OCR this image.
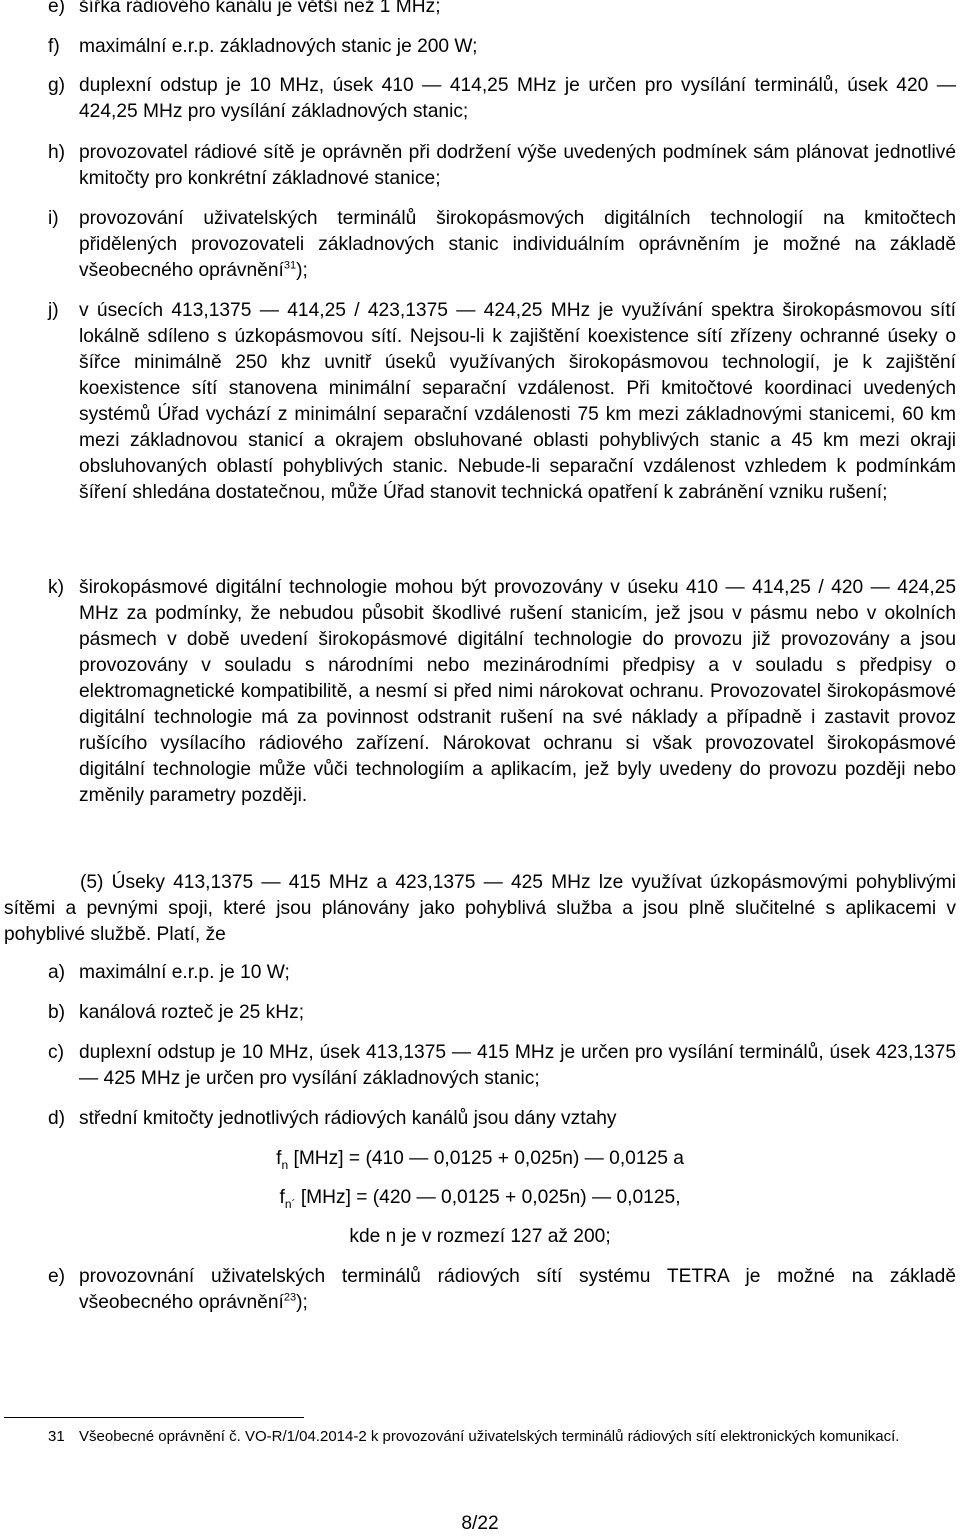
e) šířka rádiového kanálu je větší než 1 MHz;
f) maximální e.r.p. základnových stanic je 200 W;
g) duplexní odstup je 10 MHz, úsek 410 — 414,25 MHz je určen pro vysílání terminálů, úsek 420 — 424,25 MHz pro vysílání základnových stanic;
h) provozovatel rádiové sítě je oprávněn při dodržení výše uvedených podmínek sám plánovat jednotlivé kmitočty pro konkrétní základnové stanice;
i) provozování uživatelských terminálů širokopásmových digitálních technologií na kmitočtech přidělených provozovateli základnových stanic individuálním oprávněním je možné na základě všeobecného oprávnění$^{31}$);
j) v úsecích 413,1375 — 414,25 / 423,1375 — 424,25 MHz je využívání spektra širokopásmovou sítí lokálně sdíleno s úzkopásmovou sítí. Nejsou-li k zajištění koexistence sítí zřízeny ochranné úseky o šířce minimálně 250 khz uvnitř úseků využívaných širokopásmovou technologií, je k zajištění koexistence sítí stanovena minimální separační vzdálenost. Při kmitočtové koordinaci uvedených systémů Úřad vychází z minimální separační vzdálenosti 75 km mezi základnovými stanicemi, 60 km mezi základnovou stanicí a okrajem obsluhované oblasti pohyblivých stanic a 45 km mezi okraji obsluhovaných oblastí pohyblivých stanic. Nebude-li separační vzdálenost vzhledem k podmínkám šíření shledána dostatečnou, může Úřad stanovit technická opatření k zabránění vzniku rušení;
k) širokopásmové digitální technologie mohou být provozovány v úseku 410 — 414,25 / 420 — 424,25 MHz za podmínky, že nebudou působit škodlivé rušení stanicím, jež jsou v pásmu nebo v okolních pásmech v době uvedení širokopásmové digitální technologie do provozu již provozovány a jsou provozovány v souladu s národními nebo mezinárodními předpisy a v souladu s předpisy o elektromagnetické kompatibilitě, a nesmí si před nimi nárokovat ochranu. Provozovatel širokopásmové digitální technologie má za povinnost odstranit rušení na své náklady a případně i zastavit provoz rušícího vysílacího rádiového zařízení. Nárokovat ochranu si však provozovatel širokopásmové digitální technologie může vůči technologiím a aplikacím, jež byly uvedeny do provozu později nebo změnily parametry později.
(5) Úseky 413,1375 — 415 MHz a 423,1375 — 425 MHz lze využívat úzkopásmovými pohyblivými sítěmi a pevnými spoji, které jsou plánovány jako pohyblivá služba a jsou plně slučitelné s aplikacemi v pohyblivé službě. Platí, že
a) maximální e.r.p. je 10 W;
b) kanálová rozteč je 25 kHz;
c) duplexní odstup je 10 MHz, úsek 413,1375 — 415 MHz je určen pro vysílání terminálů, úsek 423,1375 — 425 MHz je určen pro vysílání základnových stanic;
d) střední kmitočty jednotlivých rádiových kanálů jsou dány vztahy
$f_n$ [MHz] = (410 — 0,0125 + 0,025n) — 0,0125 a
$f_{n´}$ [MHz] = (420 — 0,0125 + 0,025n) — 0,0125,
kde n je v rozmezí 127 až 200;
e) provozovnání uživatelských terminálů rádiových sítí systému TETRA je možné na základě všeobecného oprávnění$^{23}$);
31 Všeobecné oprávnění č. VO-R/1/04.2014-2 k provozování uživatelských terminálů rádiových sítí elektronických komunikací.
8/22
